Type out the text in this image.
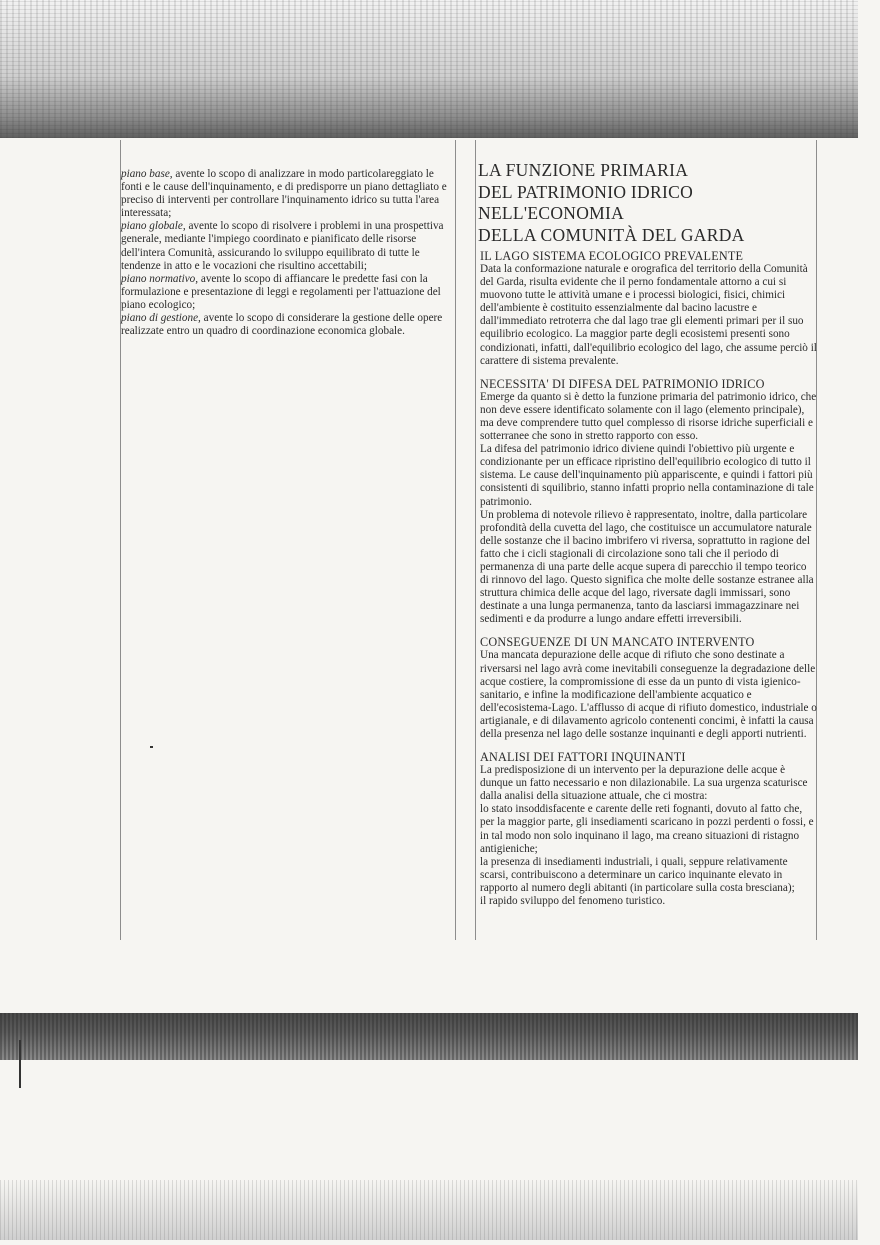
piano base, avente lo scopo di analizzare in modo particolareggiato le fonti e le cause dell'inquinamento, e di predisporre un piano dettagliato e preciso di interventi per controllare l'inquinamento idrico su tutta l'area interessata;

piano globale, avente lo scopo di risolvere i problemi in una prospettiva generale, mediante l'impiego coordinato e pianificato delle risorse dell'intera Comunità, assicurando lo sviluppo equilibrato di tutte le tendenze in atto e le vocazioni che risultino accettabili;

piano normativo, avente lo scopo di affiancare le predette fasi con la formulazione e presentazione di leggi e regolamenti per l'attuazione del piano ecologico;

piano di gestione, avente lo scopo di considerare la gestione delle opere realizzate entro un quadro di coordinazione economica globale.

LA FUNZIONE PRIMARIA
DEL PATRIMONIO IDRICO
NELL'ECONOMIA
DELLA COMUNITÀ DEL GARDA
IL LAGO SISTEMA ECOLOGICO PREVALENTE

Data la conformazione naturale e orografica del territorio della Comunità del Garda, risulta evidente che il perno fondamentale attorno a cui si muovono tutte le attività umane e i processi biologici, fisici, chimici dell'ambiente è costituito essenzialmente dal bacino lacustre e dall'immediato retroterra che dal lago trae gli elementi primari per il suo equilibrio ecologico. La maggior parte degli ecosistemi presenti sono condizionati, infatti, dall'equilibrio ecologico del lago, che assume perciò il carattere di sistema prevalente.

NECESSITA' DI DIFESA DEL PATRIMONIO IDRICO

Emerge da quanto si è detto la funzione primaria del patrimonio idrico, che non deve essere identificato solamente con il lago (elemento principale), ma deve comprendere tutto quel complesso di risorse idriche superficiali e sotterranee che sono in stretto rapporto con esso.

La difesa del patrimonio idrico diviene quindi l'obiettivo più urgente e condizionante per un efficace ripristino dell'equilibrio ecologico di tutto il sistema. Le cause dell'inquinamento più appariscente, e quindi i fattori più consistenti di squilibrio, stanno infatti proprio nella contaminazione di tale patrimonio.

Un problema di notevole rilievo è rappresentato, inoltre, dalla particolare profondità della cuvetta del lago, che costituisce un accumulatore naturale delle sostanze che il bacino imbrifero vi riversa, soprattutto in ragione del fatto che i cicli stagionali di circolazione sono tali che il periodo di permanenza di una parte delle acque supera di parecchio il tempo teorico di rinnovo del lago. Questo significa che molte delle sostanze estranee alla struttura chimica delle acque del lago, riversate dagli immissari, sono destinate a una lunga permanenza, tanto da lasciarsi immagazzinare nei sedimenti e da produrre a lungo andare effetti irreversibili.

CONSEGUENZE DI UN MANCATO INTERVENTO

Una mancata depurazione delle acque di rifiuto che sono destinate a riversarsi nel lago avrà come inevitabili conseguenze la degradazione delle acque costiere, la compromissione di esse da un punto di vista igienico-sanitario, e infine la modificazione dell'ambiente acquatico e dell'ecosistema-Lago. L'afflusso di acque di rifiuto domestico, industriale o artigianale, e di dilavamento agricolo contenenti concimi, è infatti la causa della presenza nel lago delle sostanze inquinanti e degli apporti nutrienti.

ANALISI DEI FATTORI INQUINANTI

La predisposizione di un intervento per la depurazione delle acque è dunque un fatto necessario e non dilazionabile. La sua urgenza scaturisce dalla analisi della situazione attuale, che ci mostra:

lo stato insoddisfacente e carente delle reti fognanti, dovuto al fatto che, per la maggior parte, gli insediamenti scaricano in pozzi perdenti o fossi, e in tal modo non solo inquinano il lago, ma creano situazioni di ristagno antigieniche;

la presenza di insediamenti industriali, i quali, seppure relativamente scarsi, contribuiscono a determinare un carico inquinante elevato in rapporto al numero degli abitanti (in particolare sulla costa bresciana);

il rapido sviluppo del fenomeno turistico.
